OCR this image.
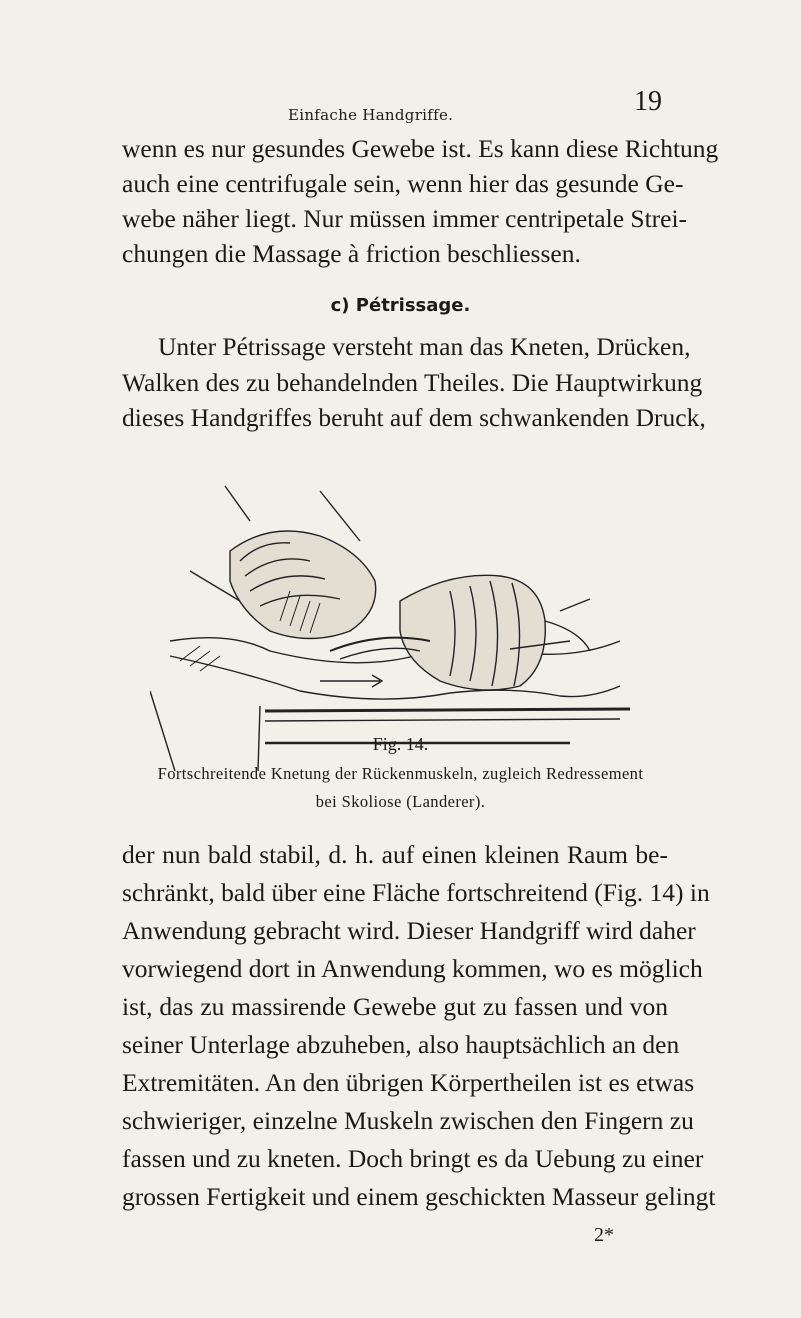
Einfache Handgriffe.	19
wenn es nur gesundes Gewebe ist. Es kann diese Richtung
auch eine centrifugale sein, wenn hier das gesunde Ge-
webe näher liegt. Nur müssen immer centripetale Strei-
chungen die Massage à friction beschliessen.
c) Pétrissage.
Unter Pétrissage versteht man das Kneten, Drücken,
Walken des zu behandelnden Theiles. Die Hauptwirkung
dieses Handgriffes beruht auf dem schwankenden Druck,
Fig. 14.
Fortschreitende Knetung der Rückenmuskeln, zugleich Redressement
bei Skoliose (Landerer).
der nun bald stabil, d. h. auf einen kleinen Raum be-
schränkt, bald über eine Fläche fortschreitend (Fig. 14) in
Anwendung gebracht wird. Dieser Handgriff wird daher
vorwiegend dort in Anwendung kommen, wo es möglich
ist, das zu massirende Gewebe gut zu fassen und von
seiner Unterlage abzuheben, also hauptsächlich an den
Extremitäten. An den übrigen Körpertheilen ist es etwas
schwieriger, einzelne Muskeln zwischen den Fingern zu
fassen und zu kneten. Doch bringt es da Uebung zu einer
grossen Fertigkeit und einem geschickten Masseur gelingt
2*
